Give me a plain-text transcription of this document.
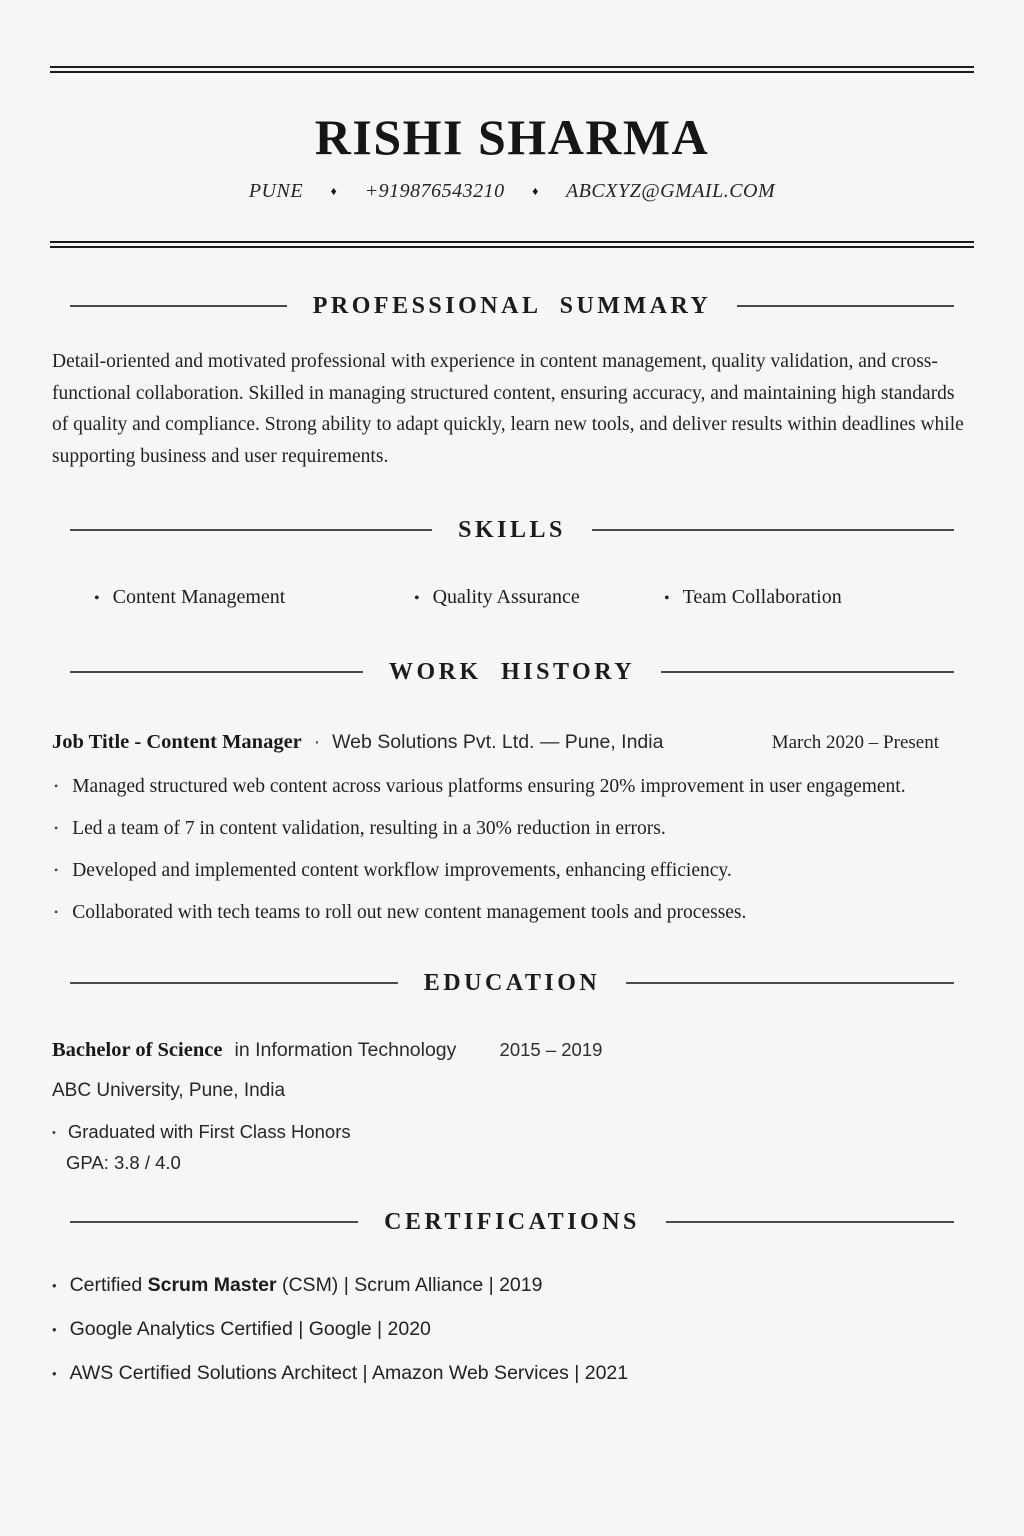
RISHI SHARMA
PUNE ♦ +919876543210 ♦ ABCXYZ@GMAIL.COM
PROFESSIONAL SUMMARY

Detail-oriented and motivated professional with experience in content management, quality validation, and cross-functional collaboration. Skilled in managing structured content, ensuring accuracy, and maintaining high standards of quality and compliance. Strong ability to adapt quickly, learn new tools, and deliver results within deadlines while supporting business and user requirements.

SKILLS
• Content Management	• Quality Assurance	• Team Collaboration
WORK HISTORY
Job Title - Content Manager · Web Solutions Pvt. Ltd. — Pune, India	March 2020 – Present
• Managed structured web content across various platforms ensuring 20% improvement in user engagement.
• Led a team of 7 in content validation, resulting in a 30% reduction in errors.
• Developed and implemented content workflow improvements, enhancing efficiency.
• Collaborated with tech teams to roll out new content management tools and processes.
EDUCATION
Bachelor of Science in Information Technology 2015 – 2019
ABC University, Pune, India
• Graduated with First Class Honors
GPA: 3.8 / 4.0
CERTIFICATIONS
• Certified Scrum Master (CSM) | Scrum Alliance | 2019
• Google Analytics Certified | Google | 2020
• AWS Certified Solutions Architect | Amazon Web Services | 2021
